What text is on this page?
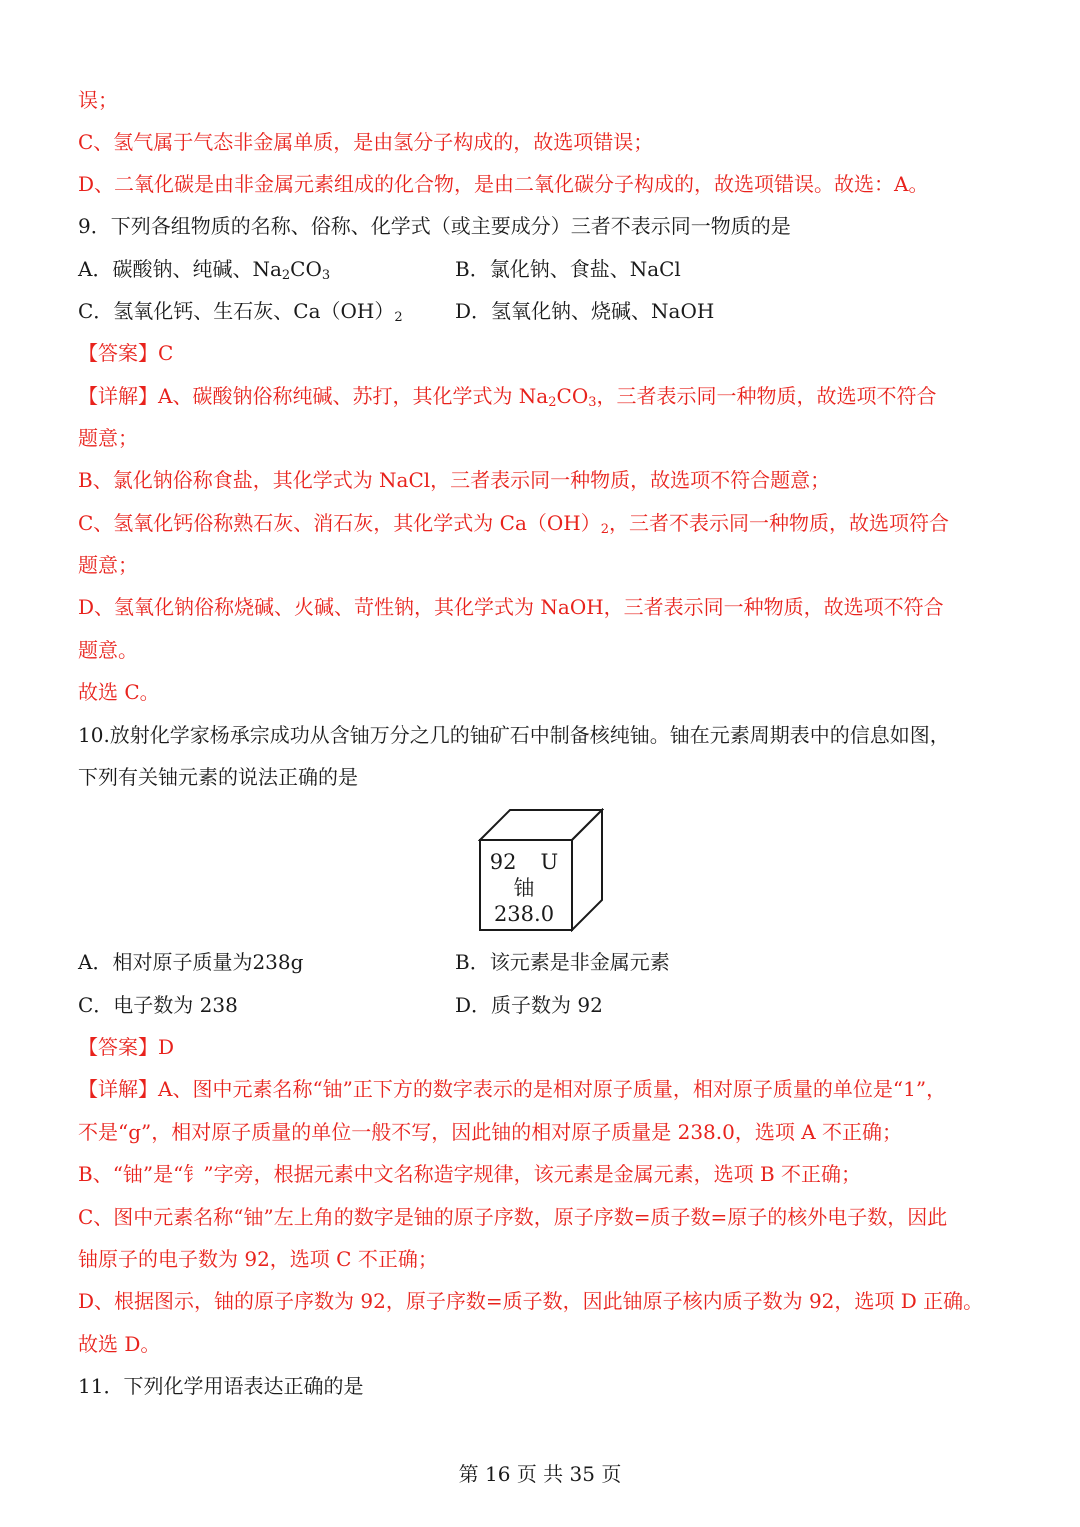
误；
C、氢气属于气态非金属单质，是由氢分子构成的，故选项错误；
D、二氧化碳是由非金属元素组成的化合物，是由二氧化碳分子构成的，故选项错误。故选：A。
9．下列各组物质的名称、俗称、化学式（或主要成分）三者不表示同一物质的是
A．碳酸钠、纯碱、$Na_2CO_3$	B．氯化钠、食盐、NaCl
C．氢氧化钙、生石灰、$Ca(OH)_2$	D．氢氧化钠、烧碱、NaOH
【答案】C
【详解】A、碳酸钠俗称纯碱、苏打，其化学式为 $Na_2CO_3$，三者表示同一种物质，故选项不符合
题意；
B、氯化钠俗称食盐，其化学式为 NaCl，三者表示同一种物质，故选项不符合题意；
C、氢氧化钙俗称熟石灰、消石灰，其化学式为 $Ca(OH)_2$，三者不表示同一种物质，故选项符合
题意；
D、氢氧化钠俗称烧碱、火碱、苛性钠，其化学式为 NaOH，三者表示同一种物质，故选项不符合
题意。
故选 C。
10.放射化学家杨承宗成功从含铀万分之几的铀矿石中制备核纯铀。铀在元素周期表中的信息如图，
下列有关铀元素的说法正确的是
92 U
铀
238.0
A．相对原子质量为238g	B．该元素是非金属元素
C．电子数为 238	D．质子数为 92
【答案】D
【详解】A、图中元素名称“铀”正下方的数字表示的是相对原子质量，相对原子质量的单位是“1”，
不是“g”，相对原子质量的单位一般不写，因此铀的相对原子质量是 238.0，选项 A 不正确；
B、“铀”是“钅”字旁，根据元素中文名称造字规律，该元素是金属元素，选项 B 不正确；
C、图中元素名称“铀”左上角的数字是铀的原子序数，原子序数=质子数=原子的核外电子数，因此
铀原子的电子数为 92，选项 C 不正确；
D、根据图示，铀的原子序数为 92，原子序数=质子数，因此铀原子核内质子数为 92，选项 D 正确。
故选 D。
11．下列化学用语表达正确的是
第 16 页 共 35 页
